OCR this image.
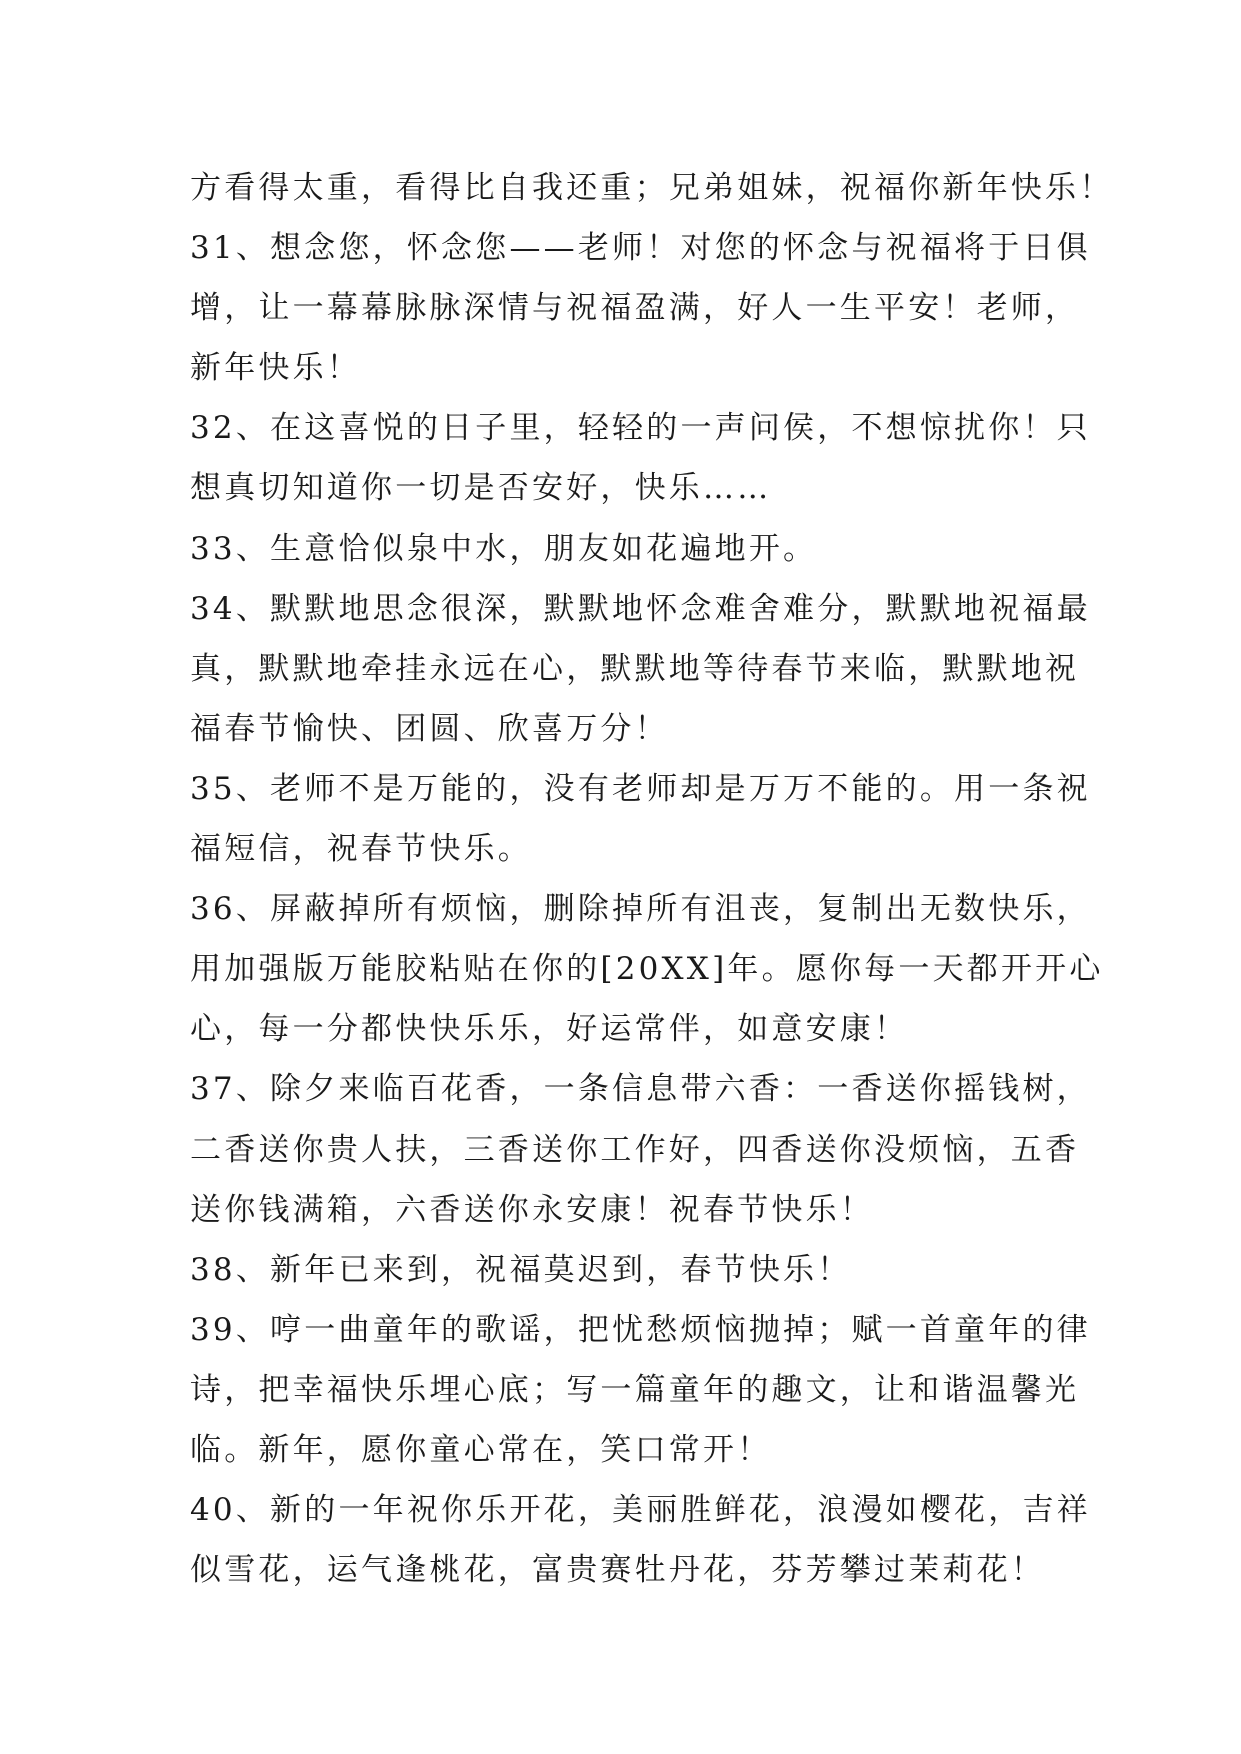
方看得太重，看得比自我还重；兄弟姐妹，祝福你新年快乐！
31、想念您，怀念您——老师！对您的怀念与祝福将于日俱
增，让一幕幕脉脉深情与祝福盈满，好人一生平安！老师，
新年快乐！
32、在这喜悦的日子里，轻轻的一声问侯，不想惊扰你！只
想真切知道你一切是否安好，快乐……
33、生意恰似泉中水，朋友如花遍地开。
34、默默地思念很深，默默地怀念难舍难分，默默地祝福最
真，默默地牵挂永远在心，默默地等待春节来临，默默地祝
福春节愉快、团圆、欣喜万分！
35、老师不是万能的，没有老师却是万万不能的。用一条祝
福短信，祝春节快乐。
36、屏蔽掉所有烦恼，删除掉所有沮丧，复制出无数快乐，
用加强版万能胶粘贴在你的[20XX]年。愿你每一天都开开心
心，每一分都快快乐乐，好运常伴，如意安康！
37、除夕来临百花香，一条信息带六香：一香送你摇钱树，
二香送你贵人扶，三香送你工作好，四香送你没烦恼，五香
送你钱满箱，六香送你永安康！祝春节快乐！
38、新年已来到，祝福莫迟到，春节快乐！
39、哼一曲童年的歌谣，把忧愁烦恼抛掉；赋一首童年的律
诗，把幸福快乐埋心底；写一篇童年的趣文，让和谐温馨光
临。新年，愿你童心常在，笑口常开！
40、新的一年祝你乐开花，美丽胜鲜花，浪漫如樱花，吉祥
似雪花，运气逢桃花，富贵赛牡丹花，芬芳攀过茉莉花！
